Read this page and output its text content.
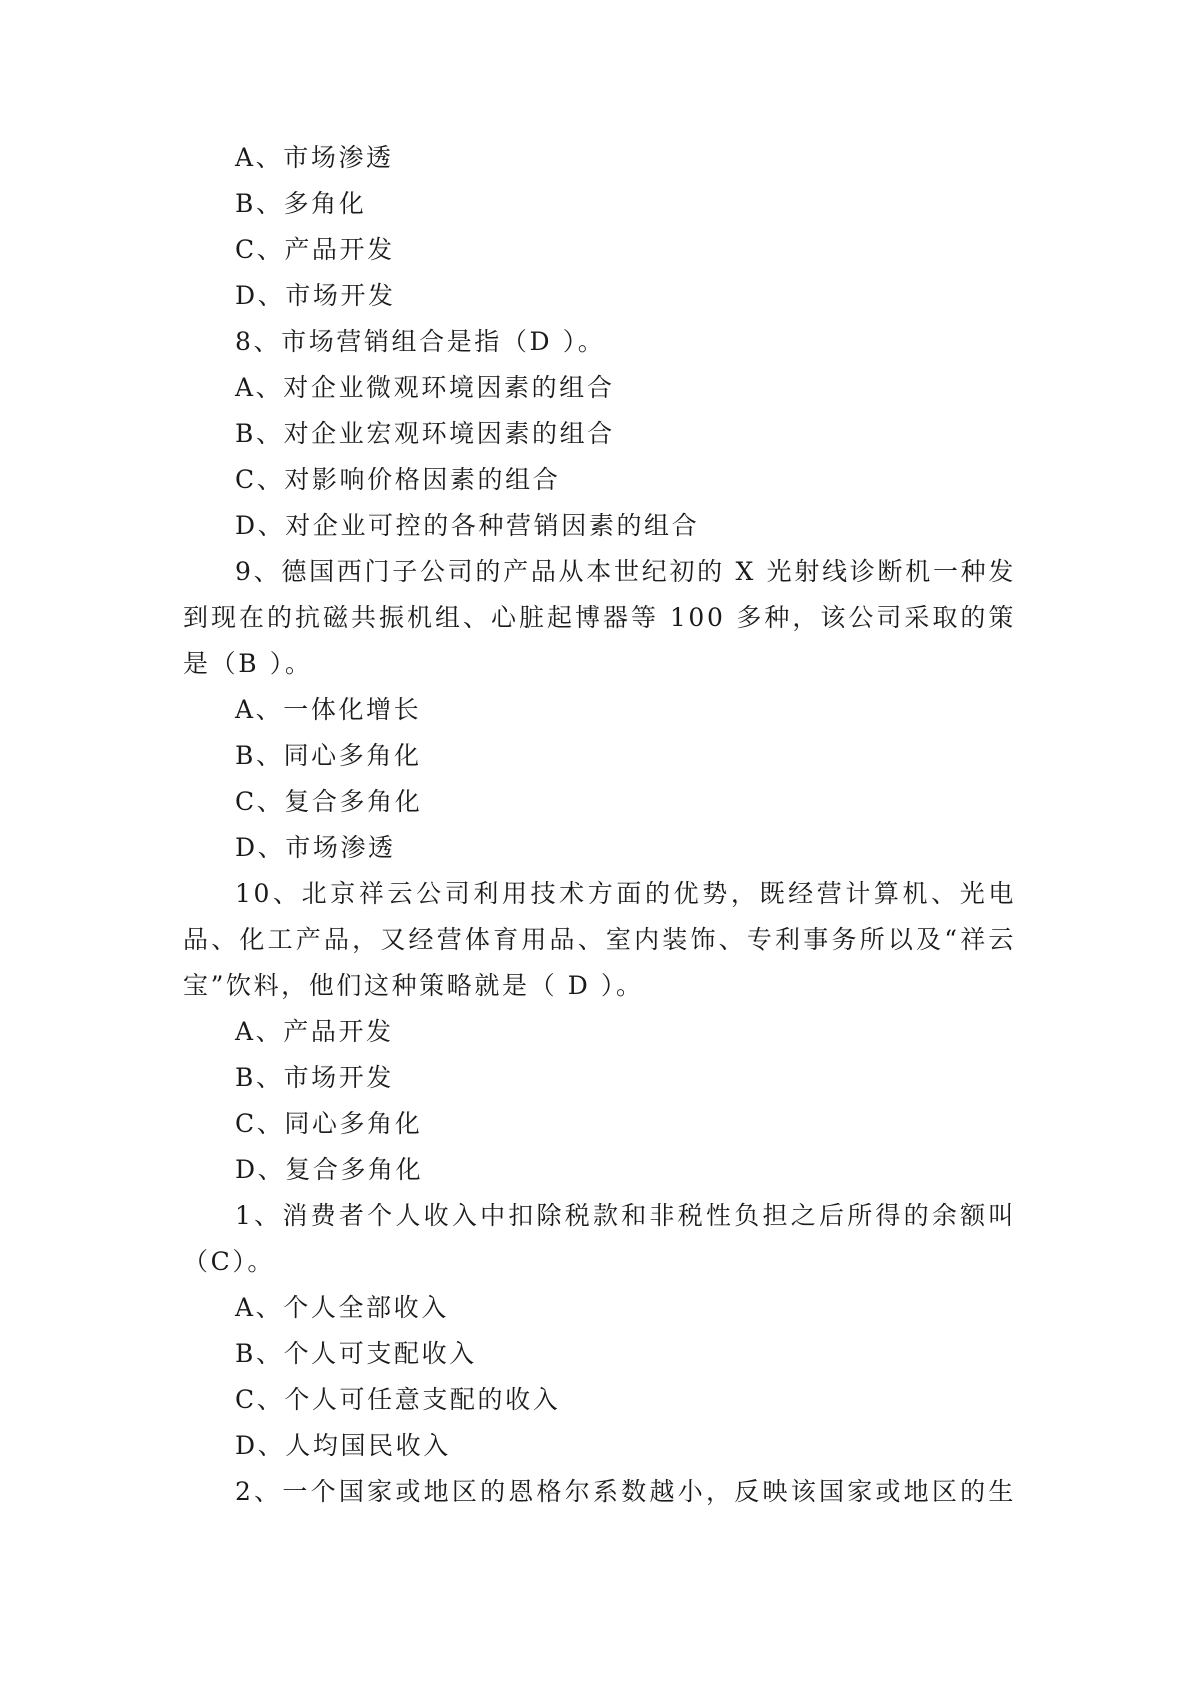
A、市场渗透
B、多角化
C、产品开发
D、市场开发
8、市场营销组合是指（D ）。
A、对企业微观环境因素的组合
B、对企业宏观环境因素的组合
C、对影响价格因素的组合
D、对企业可控的各种营销因素的组合
9、德国西门子公司的产品从本世纪初的 X 光射线诊断机一种发
到现在的抗磁共振机组、心脏起博器等 100 多种，该公司采取的策
是（B ）。
A、一体化增长
B、同心多角化
C、复合多角化
D、市场渗透
10、北京祥云公司利用技术方面的优势，既经营计算机、光电
品、化工产品，又经营体育用品、室内装饰、专利事务所以及“祥云
宝”饮料，他们这种策略就是（ D ）。
A、产品开发
B、市场开发
C、同心多角化
D、复合多角化
1、消费者个人收入中扣除税款和非税性负担之后所得的余额叫
（C）。
A、个人全部收入
B、个人可支配收入
C、个人可任意支配的收入
D、人均国民收入
2、一个国家或地区的恩格尔系数越小，反映该国家或地区的生
